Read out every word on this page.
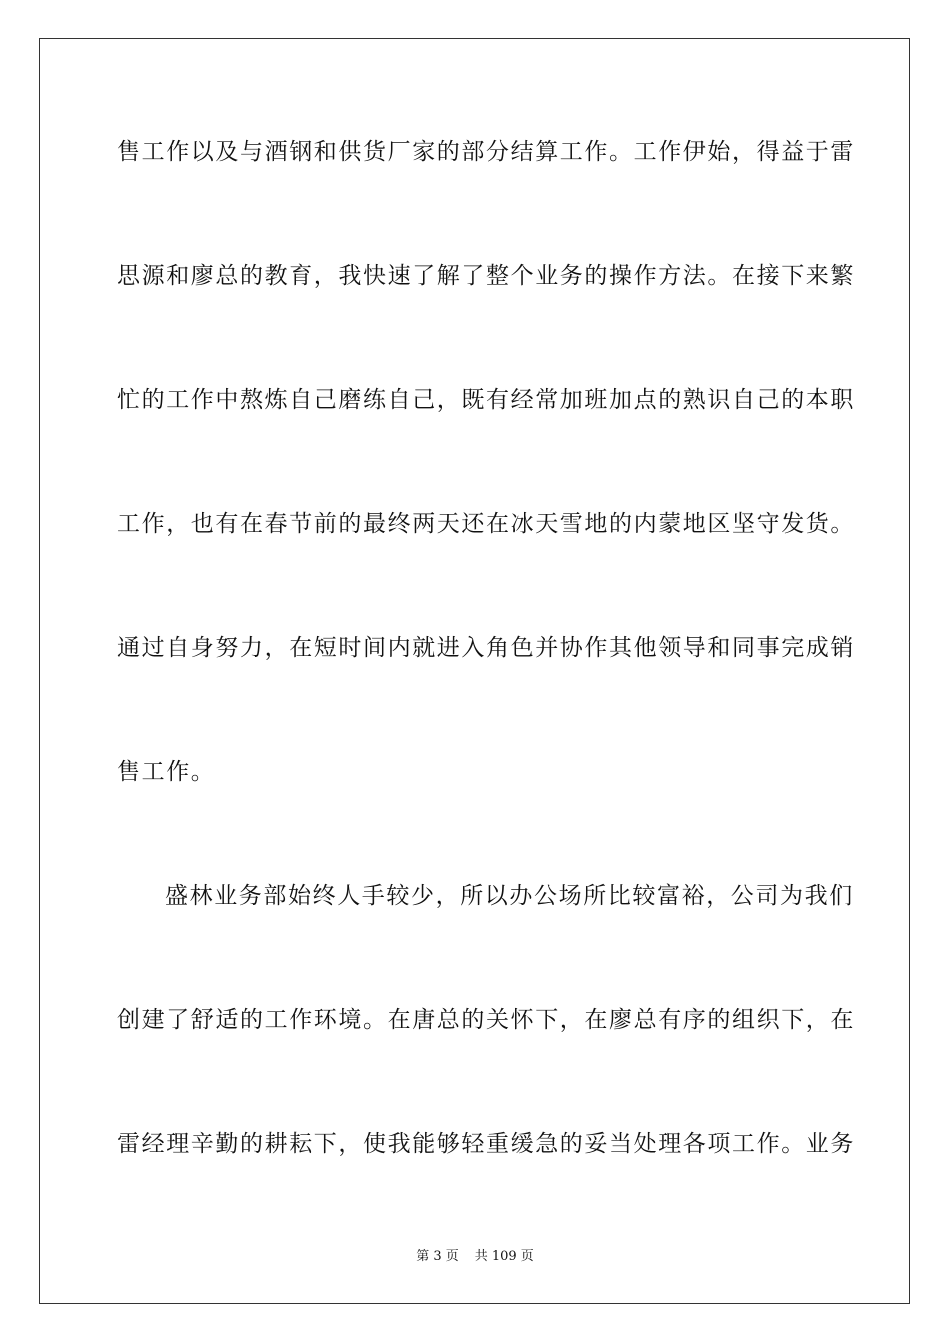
售工作以及与酒钢和供货厂家的部分结算工作。工作伊始，得益于雷
思源和廖总的教育，我快速了解了整个业务的操作方法。在接下来繁
忙的工作中熬炼自己磨练自己，既有经常加班加点的熟识自己的本职
工作，也有在春节前的最终两天还在冰天雪地的内蒙地区坚守发货。
通过自身努力，在短时间内就进入角色并协作其他领导和同事完成销
售工作。
盛林业务部始终人手较少，所以办公场所比较富裕，公司为我们
创建了舒适的工作环境。在唐总的关怀下，在廖总有序的组织下，在
雷经理辛勤的耕耘下，使我能够轻重缓急的妥当处理各项工作。业务
第 3 页 共 109 页
